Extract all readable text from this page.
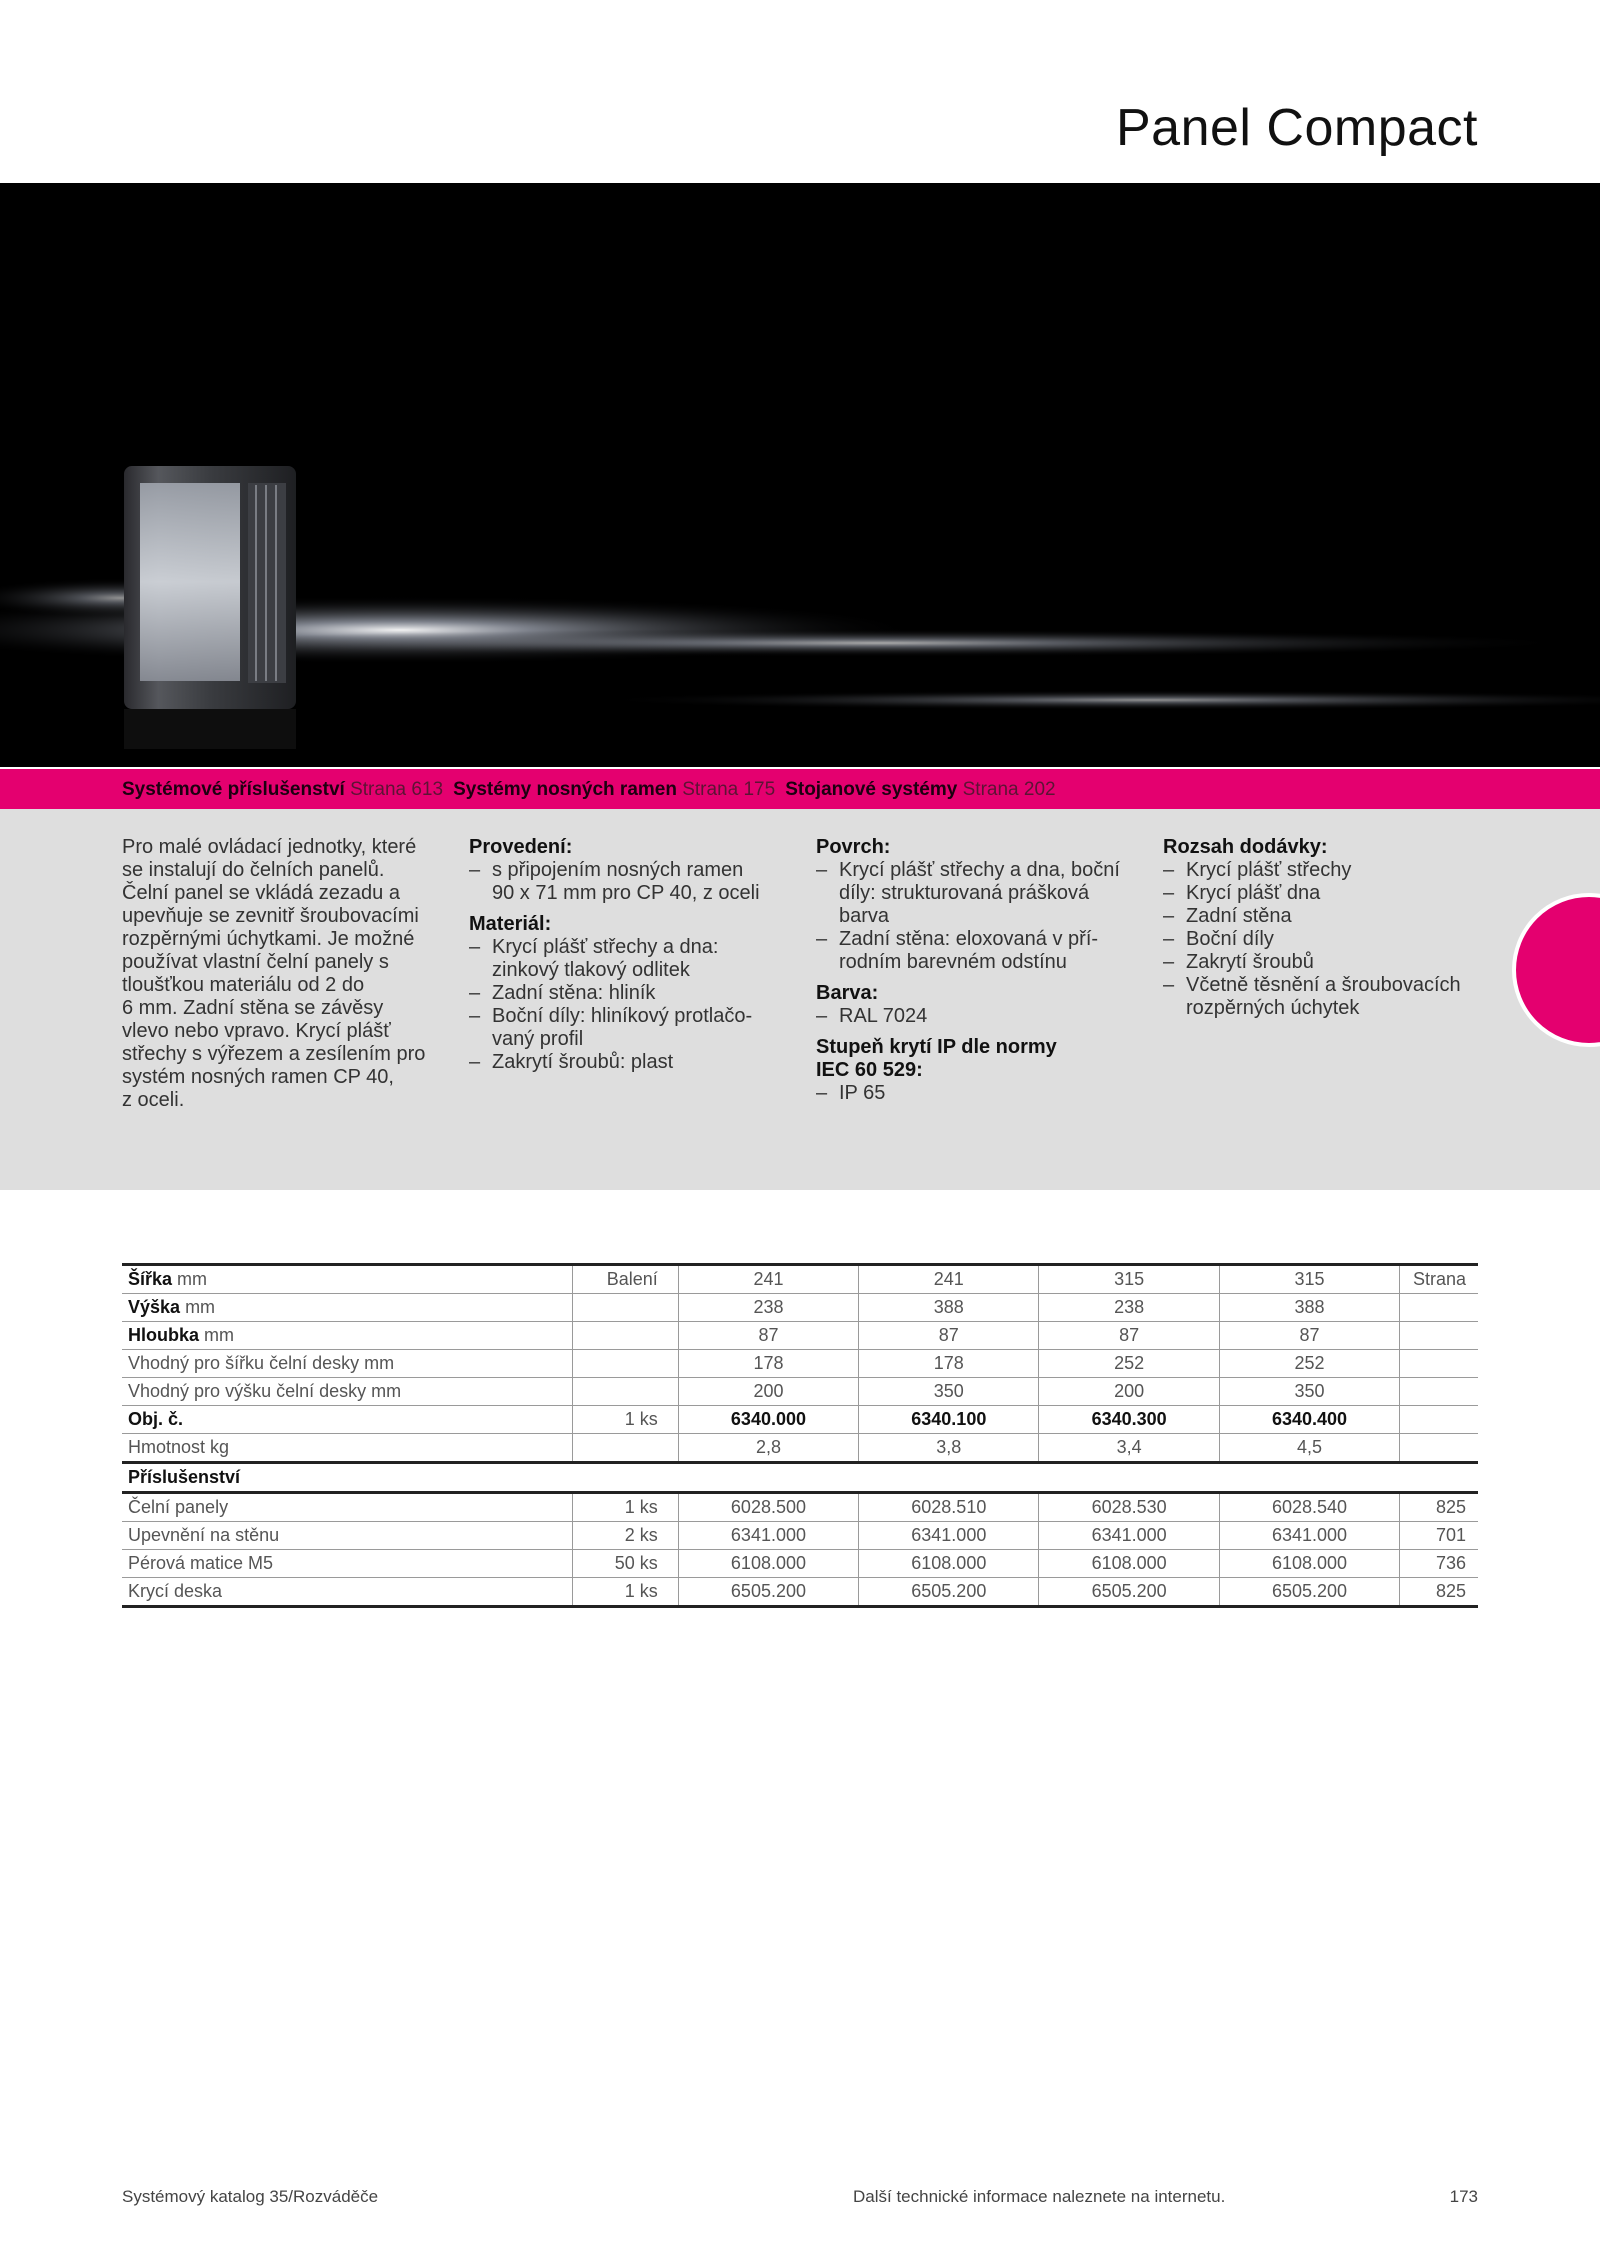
Panel Compact
Systémové příslušenství Strana 613 Systémy nosných ramen Strana 175 Stojanové systémy Strana 202
Pro malé ovládací jednotky, které
se instalují do čelních panelů.
Čelní panel se vkládá zezadu a
upevňuje se zevnitř šroubovacími
rozpěrnými úchytkami. Je možné
používat vlastní čelní panely s
tloušťkou materiálu od 2 do
6 mm. Zadní stěna se závěsy
vlevo nebo vpravo. Krycí plášť
střechy s výřezem a zesílením pro
systém nosných ramen CP 40,
z oceli.
Provedení:
– s připojením nosných ramen
90 x 71 mm pro CP 40, z oceli
Materiál:
– Krycí plášť střechy a dna:
zinkový tlakový odlitek
– Zadní stěna: hliník
– Boční díly: hliníkový protlačo-
vaný profil
– Zakrytí šroubů: plast
Povrch:
– Krycí plášť střechy a dna, boční
díly: strukturovaná prášková
barva
– Zadní stěna: eloxovaná v pří-
rodním barevném odstínu
Barva:
– RAL 7024
Stupeň krytí IP dle normy
IEC 60 529:
– IP 65
Rozsah dodávky:
– Krycí plášť střechy
– Krycí plášť dna
– Zadní stěna
– Boční díly
– Zakrytí šroubů
– Včetně těsnění a šroubovacích
rozpěrných úchytek
Šířka mm	Balení	241	241	315	315	Strana
Výška mm		238	388	238	388	
Hloubka mm		87	87	87	87	
Vhodný pro šířku čelní desky mm		178	178	252	252	
Vhodný pro výšku čelní desky mm		200	350	200	350	
Obj. č.	1 ks	6340.000	6340.100	6340.300	6340.400	
Hmotnost kg		2,8	3,8	3,4	4,5	
Příslušenství						
Čelní panely	1 ks	6028.500	6028.510	6028.530	6028.540	825
Upevnění na stěnu	2 ks	6341.000	6341.000	6341.000	6341.000	701
Pérová matice M5	50 ks	6108.000	6108.000	6108.000	6108.000	736
Krycí deska	1 ks	6505.200	6505.200	6505.200	6505.200	825
Systémový katalog 35/Rozváděče	Další technické informace naleznete na internetu.	173
